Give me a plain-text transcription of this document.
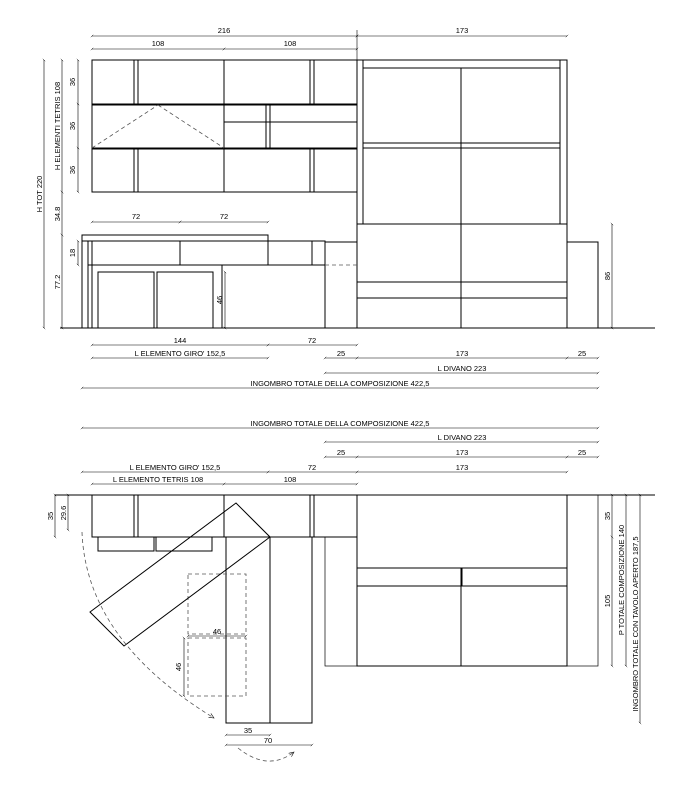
216	173
108	108
72	72
H TOT 220
H ELEMENTI TETRIS 108
34.8
77.2
36
36
36
18
46
86
144	72
L ELEMENTO GIRO' 152,5	25	173	25
L DIVANO 223
INGOMBRO TOTALE DELLA COMPOSIZIONE 422,5
INGOMBRO TOTALE DELLA COMPOSIZIONE 422,5
L DIVANO 223
25	173	25
L ELEMENTO GIRO' 152,5	72	173
L ELEMENTO TETRIS 108	108
35 29.6	35
105 P TOTALE COMPOSIZIONE 140 INGOMBRO TOTALE CON TAVOLO APERTO 187,5
46
46
35
70
